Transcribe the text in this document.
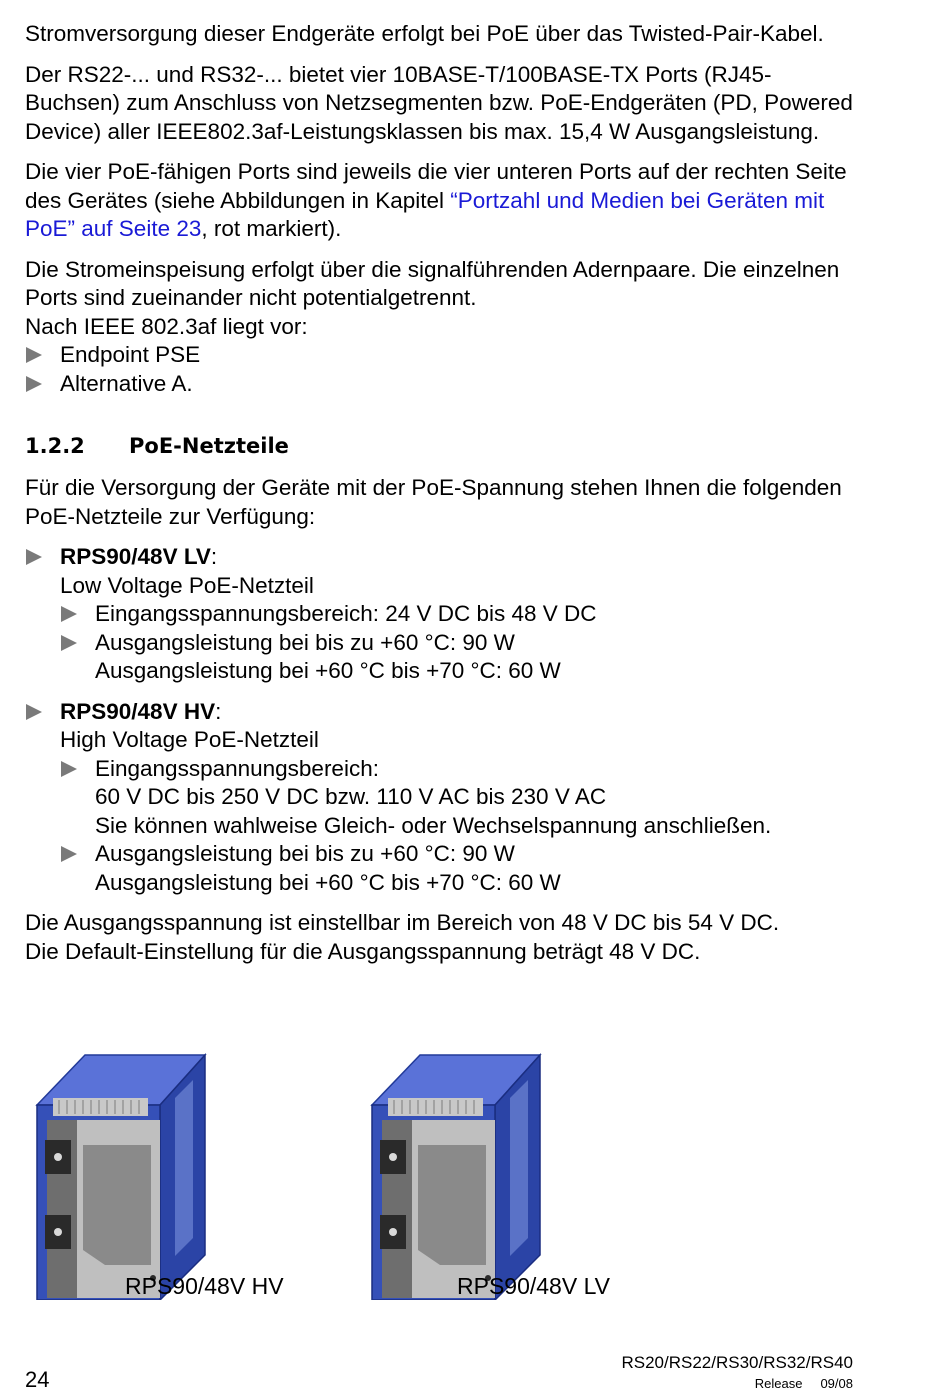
Stromversorgung dieser Endgeräte erfolgt bei PoE über das Twisted-Pair-Kabel.

Der RS22-... und RS32-... bietet vier 10BASE-T/100BASE-TX Ports (RJ45-Buchsen) zum Anschluss von Netzsegmenten bzw. PoE-Endgeräten (PD, Powered Device) aller IEEE802.3af-Leistungsklassen bis max. 15,4 W Ausgangsleistung.

Die vier PoE-fähigen Ports sind jeweils die vier unteren Ports auf der rechten Seite des Gerätes (siehe Abbildungen in Kapitel “Portzahl und Medien bei Geräten mit PoE” auf Seite 23, rot markiert).

Die Stromeinspeisung erfolgt über die signalführenden Adernpaare. Die einzelnen Ports sind zueinander nicht potentialgetrennt.

Nach IEEE 802.3af liegt vor:

Endpoint PSE
Alternative A.
1.2.2 PoE-Netzteile

Für die Versorgung der Geräte mit der PoE-Spannung stehen Ihnen die folgenden PoE-Netzteile zur Verfügung:

RPS90/48V LV:
Low Voltage PoE-Netzteil
Eingangsspannungsbereich: 24 V DC bis 48 V DC
Ausgangsleistung bei bis zu +60 °C: 90 W
Ausgangsleistung bei +60 °C bis +70 °C: 60 W
RPS90/48V HV:
High Voltage PoE-Netzteil
Eingangsspannungsbereich:
60 V DC bis 250 V DC bzw. 110 V AC bis 230 V AC
Sie können wahlweise Gleich- oder Wechselspannung anschließen.
Ausgangsleistung bei bis zu +60 °C: 90 W
Ausgangsleistung bei +60 °C bis +70 °C: 60 W

Die Ausgangsspannung ist einstellbar im Bereich von 48 V DC bis 54 V DC.

Die Default-Einstellung für die Ausgangsspannung beträgt 48 V DC.

RPS90/48V HV	RPS90/48V LV
24
RS20/RS22/RS30/RS32/RS40
Release 09/08
